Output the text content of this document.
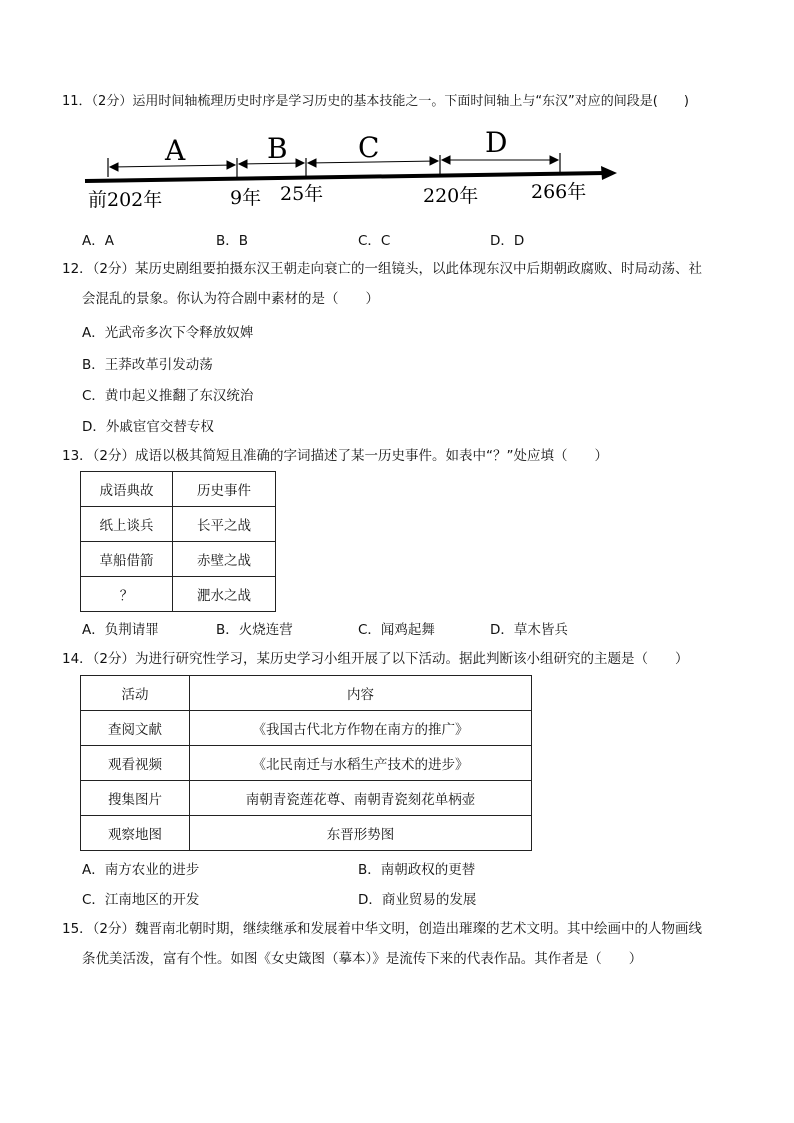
11．（2分）运用时间轴梳理历史时序是学习历史的基本技能之一。下面时间轴上与“东汉”对应的间段是(　　)
A	B	C	D
前202年	9年 25年	220年	266年
A．A	B．B	C．C	D．D
12．（2分）某历史剧组要拍摄东汉王朝走向衰亡的一组镜头，以此体现东汉中后期朝政腐败、时局动荡、社
会混乱的景象。你认为符合剧中素材的是（　　）
A．光武帝多次下令释放奴婢
B．王莽改革引发动荡
C．黄巾起义推翻了东汉统治
D．外戚宦官交替专权
13．（2分）成语以极其简短且准确的字词描述了某一历史事件。如表中“？”处应填（　　）
成语典故	历史事件
纸上谈兵	长平之战
草船借箭	赤壁之战
？	淝水之战
A．负荆请罪	B．火烧连营	C．闻鸡起舞	D．草木皆兵
14．（2分）为进行研究性学习，某历史学习小组开展了以下活动。据此判断该小组研究的主题是（　　）
活动	内容
查阅文献	《我国古代北方作物在南方的推广》
观看视频	《北民南迁与水稻生产技术的进步》
搜集图片	南朝青瓷莲花尊、南朝青瓷刻花单柄壶
观察地图	东晋形势图
A．南方农业的进步	B．南朝政权的更替
C．江南地区的开发	D．商业贸易的发展
15．（2分）魏晋南北朝时期，继续继承和发展着中华文明，创造出璀璨的艺术文明。其中绘画中的人物画线
条优美活泼，富有个性。如图《女史箴图（摹本）》是流传下来的代表作品。其作者是（　　）
